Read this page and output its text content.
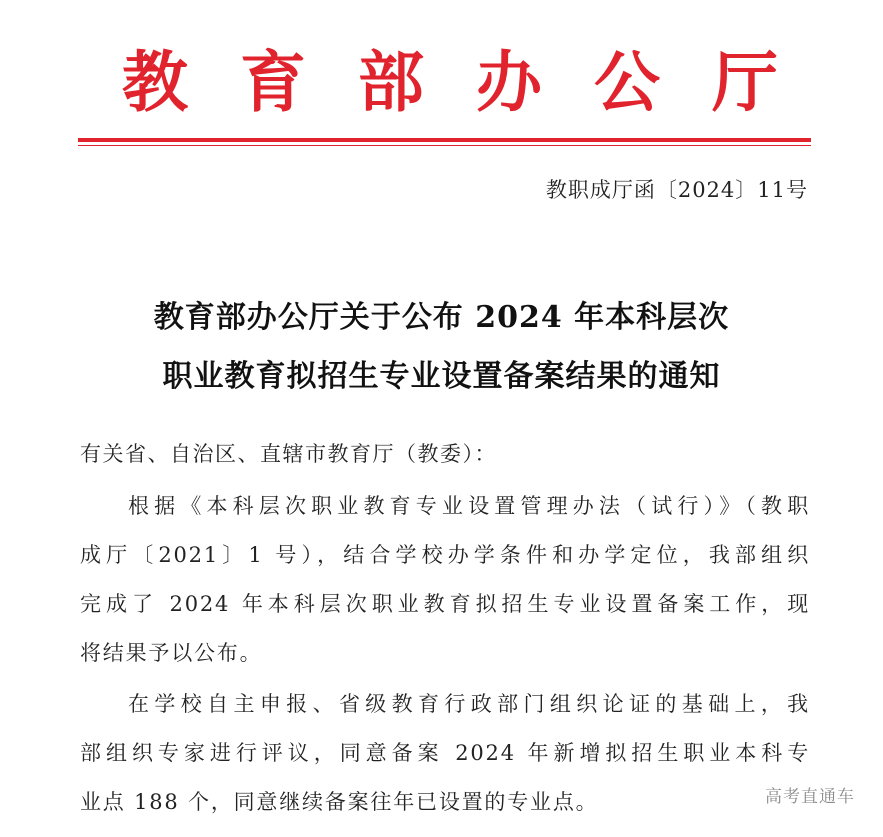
教育部办公厅
教职成厅函〔2024〕11号
教育部办公厅关于公布 2024 年本科层次
职业教育拟招生专业设置备案结果的通知
有关省、自治区、直辖市教育厅（教委）：
根据《本科层次职业教育专业设置管理办法（试行）》（教职
成厅〔2021〕1 号），结合学校办学条件和办学定位，我部组织
完成了 2024 年本科层次职业教育拟招生专业设置备案工作，现
将结果予以公布。
在学校自主申报、省级教育行政部门组织论证的基础上，我
部组织专家进行评议，同意备案 2024 年新增拟招生职业本科专
业点 188 个，同意继续备案往年已设置的专业点。	高考直通车
